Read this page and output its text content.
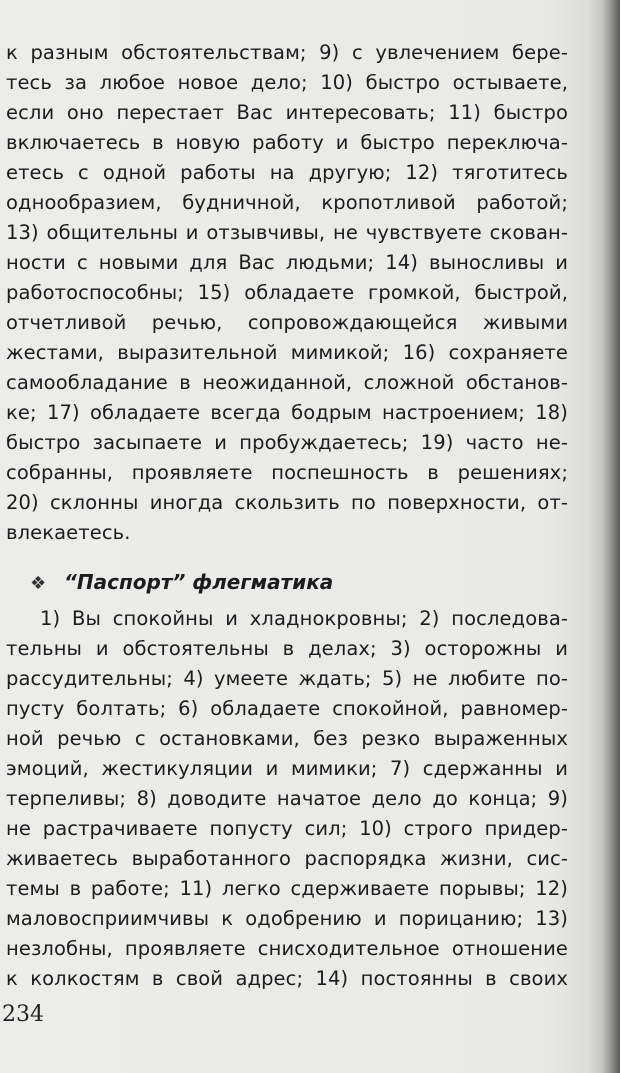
к разным обстоятельствам; 9) с увлечением бере-
тесь за любое новое дело; 10) быстро остываете,
если оно перестает Вас интересовать; 11) быстро
включаетесь в новую работу и быстро переключа-
етесь с одной работы на другую; 12) тяготитесь
однообразием, будничной, кропотливой работой;
13) общительны и отзывчивы, не чувствуете скован-
ности с новыми для Вас людьми; 14) выносливы и
работоспособны; 15) обладаете громкой, быстрой,
отчетливой речью, сопровождающейся живыми
жестами, выразительной мимикой; 16) сохраняете
самообладание в неожиданной, сложной обстанов-
ке; 17) обладаете всегда бодрым настроением; 18)
быстро засыпаете и пробуждаетесь; 19) часто не-
собранны, проявляете поспешность в решениях;
20) склонны иногда скользить по поверхности, от-
влекаетесь.
❖ “Паспорт” флегматика
1) Вы спокойны и хладнокровны; 2) последова-
тельны и обстоятельны в делах; 3) осторожны и
рассудительны; 4) умеете ждать; 5) не любите по-
пусту болтать; 6) обладаете спокойной, равномер-
ной речью с остановками, без резко выраженных
эмоций, жестикуляции и мимики; 7) сдержанны и
терпеливы; 8) доводите начатое дело до конца; 9)
не растрачиваете попусту сил; 10) строго придер-
живаетесь выработанного распорядка жизни, сис-
темы в работе; 11) легко сдерживаете порывы; 12)
маловосприимчивы к одобрению и порицанию; 13)
незлобны, проявляете снисходительное отношение
к колкостям в свой адрес; 14) постоянны в своих
234
